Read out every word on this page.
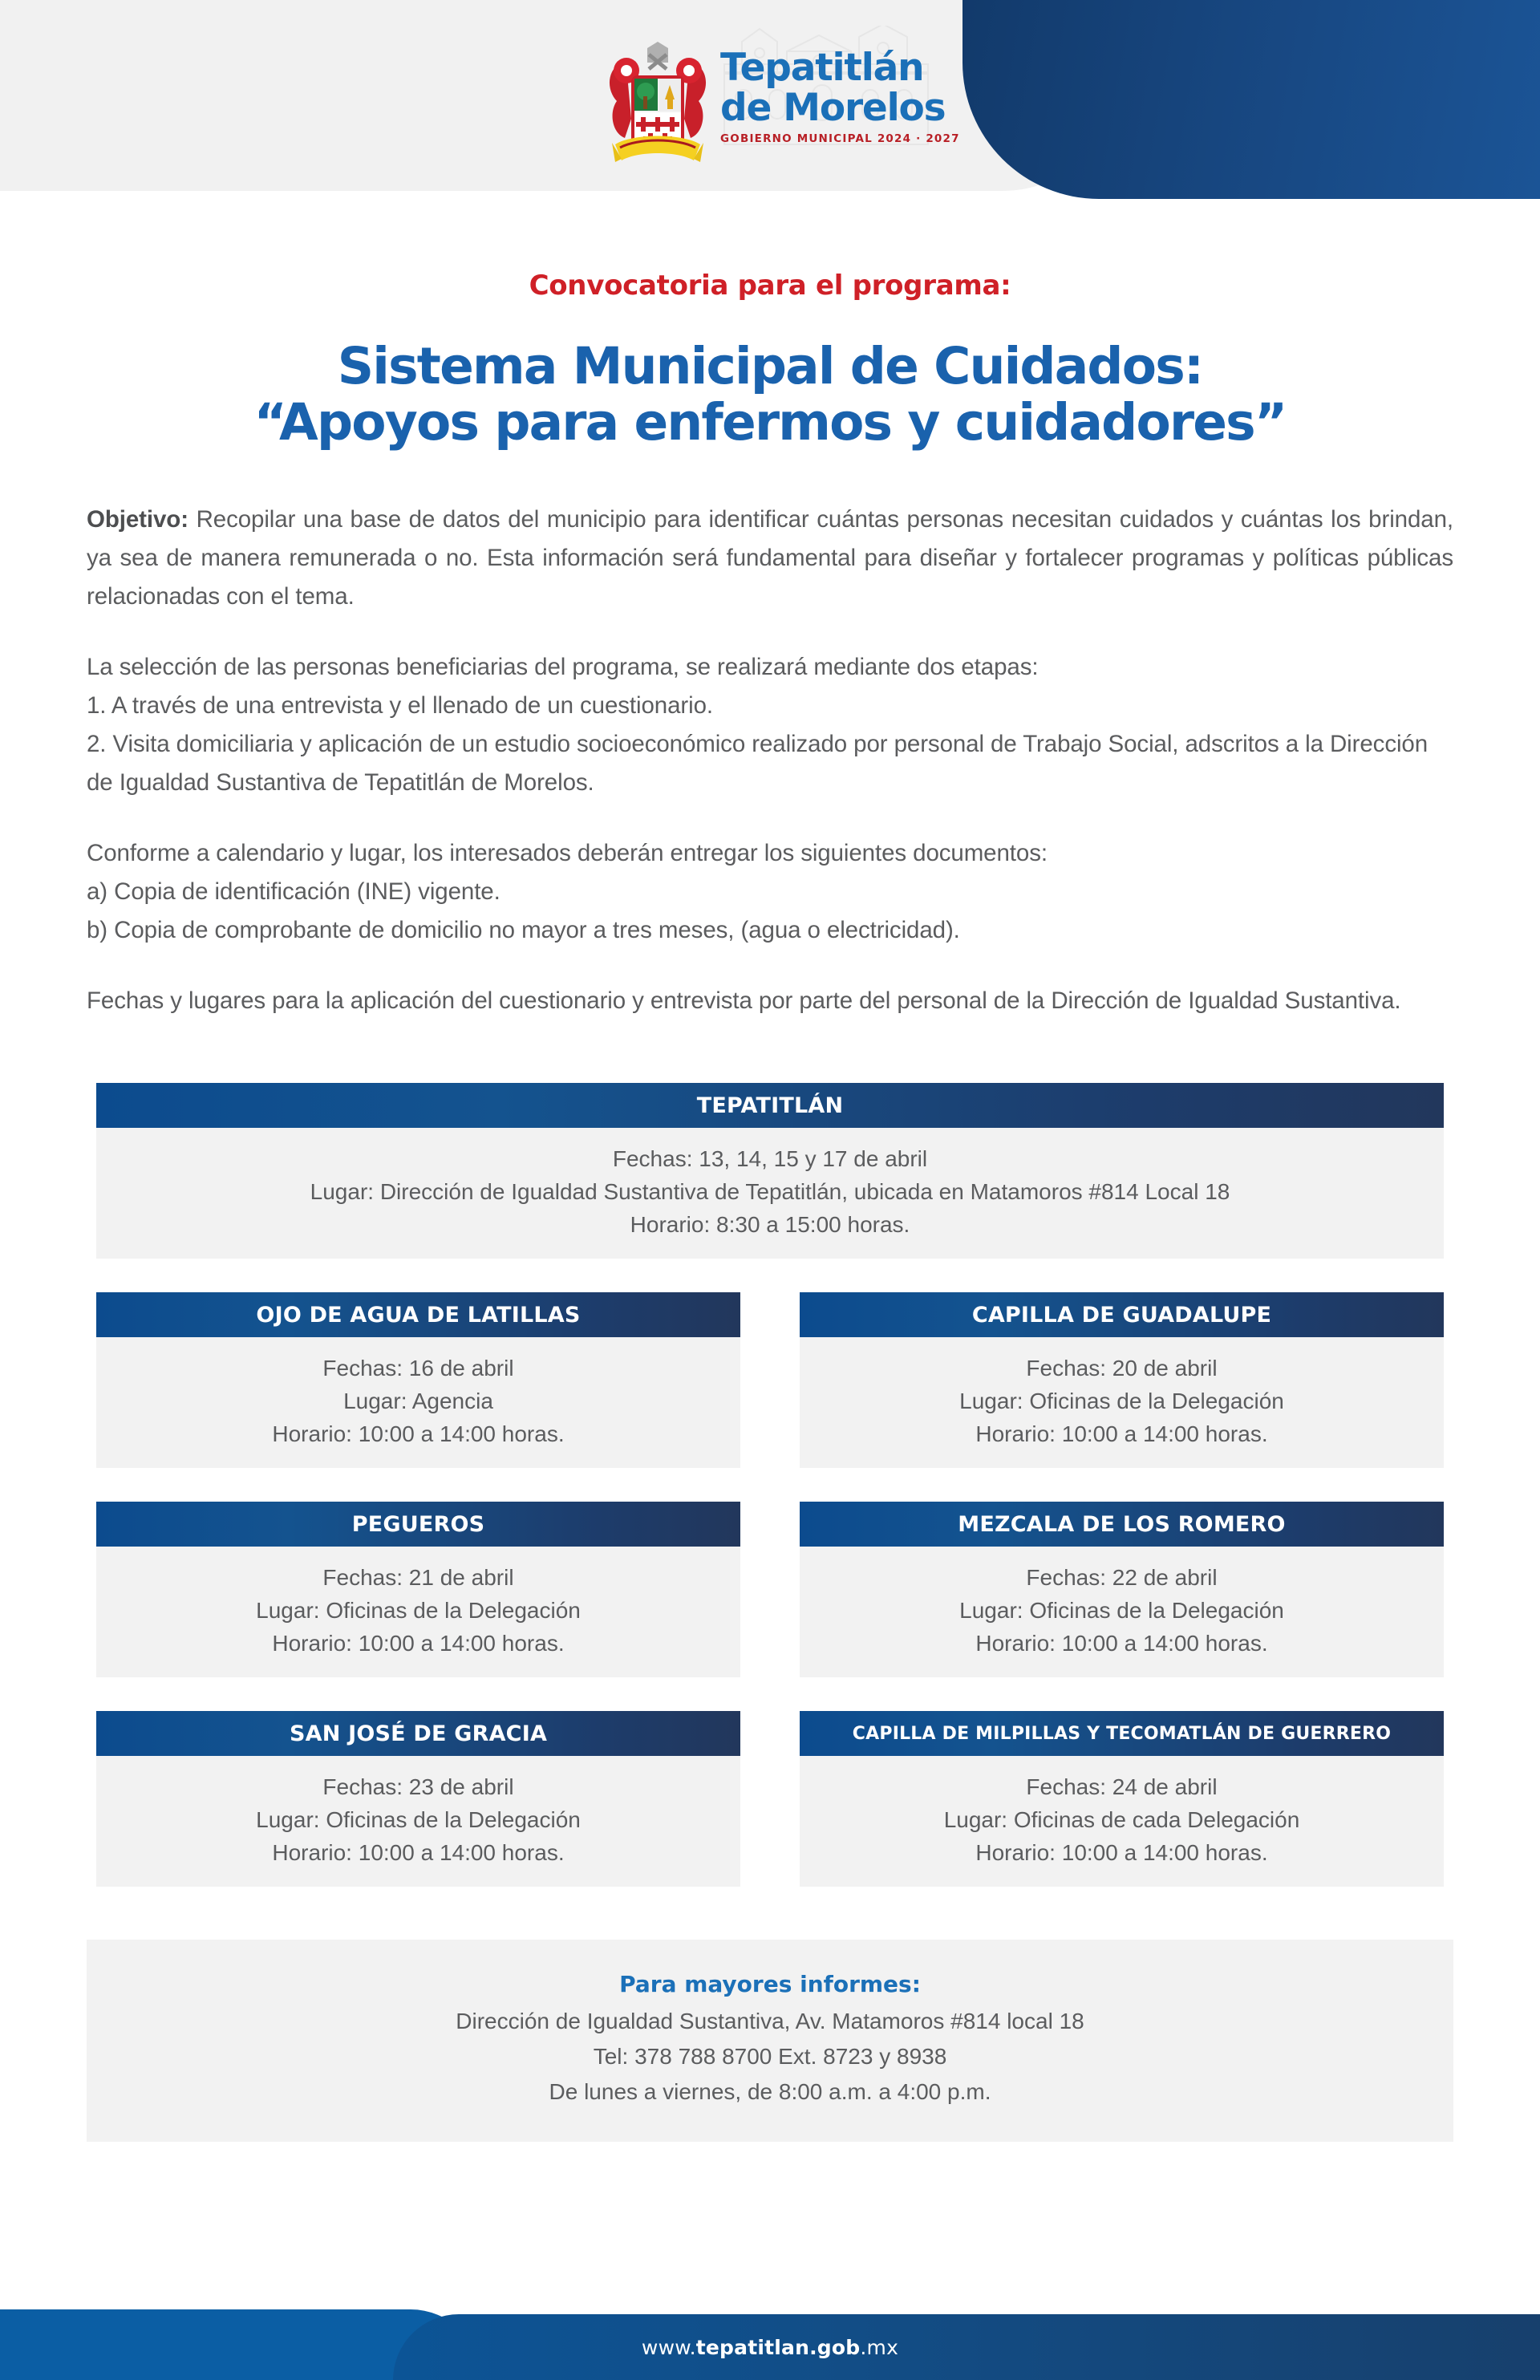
Tepatitlán
de Morelos
GOBIERNO MUNICIPAL 2024 · 2027
Convocatoria para el programa:
Sistema Municipal de Cuidados:
“Apoyos para enfermos y cuidadores”

Objetivo: Recopilar una base de datos del municipio para identificar cuántas personas necesitan cuidados y cuántas los brindan, ya sea de manera remunerada o no. Esta información será fundamental para diseñar y fortalecer programas y políticas públicas relacionadas con el tema.

La selección de las personas beneficiarias del programa, se realizará mediante dos etapas:
1. A través de una entrevista y el llenado de un cuestionario.
2. Visita domiciliaria y aplicación de un estudio socioeconómico realizado por personal de Trabajo Social, adscritos a la Dirección de Igualdad Sustantiva de Tepatitlán de Morelos.

Conforme a calendario y lugar, los interesados deberán entregar los siguientes documentos:
a) Copia de identificación (INE) vigente.
b) Copia de comprobante de domicilio no mayor a tres meses, (agua o electricidad).

Fechas y lugares para la aplicación del cuestionario y entrevista por parte del personal de la Dirección de Igualdad Sustantiva.

TEPATITLÁN
Fechas: 13, 14, 15 y 17 de abril
Lugar: Dirección de Igualdad Sustantiva de Tepatitlán, ubicada en Matamoros #814 Local 18
Horario: 8:30 a 15:00 horas.
OJO DE AGUA DE LATILLAS
Fechas: 16 de abril
Lugar: Agencia
Horario: 10:00 a 14:00 horas.
CAPILLA DE GUADALUPE
Fechas: 20 de abril
Lugar: Oficinas de la Delegación
Horario: 10:00 a 14:00 horas.
PEGUEROS
Fechas: 21 de abril
Lugar: Oficinas de la Delegación
Horario: 10:00 a 14:00 horas.
MEZCALA DE LOS ROMERO
Fechas: 22 de abril
Lugar: Oficinas de la Delegación
Horario: 10:00 a 14:00 horas.
SAN JOSÉ DE GRACIA
Fechas: 23 de abril
Lugar: Oficinas de la Delegación
Horario: 10:00 a 14:00 horas.
CAPILLA DE MILPILLAS Y TECOMATLÁN DE GUERRERO
Fechas: 24 de abril
Lugar: Oficinas de cada Delegación
Horario: 10:00 a 14:00 horas.
Para mayores informes:
Dirección de Igualdad Sustantiva, Av. Matamoros #814 local 18
Tel: 378 788 8700 Ext. 8723 y 8938
De lunes a viernes, de 8:00 a.m. a 4:00 p.m.
www. tepatitlan.gob .mx
